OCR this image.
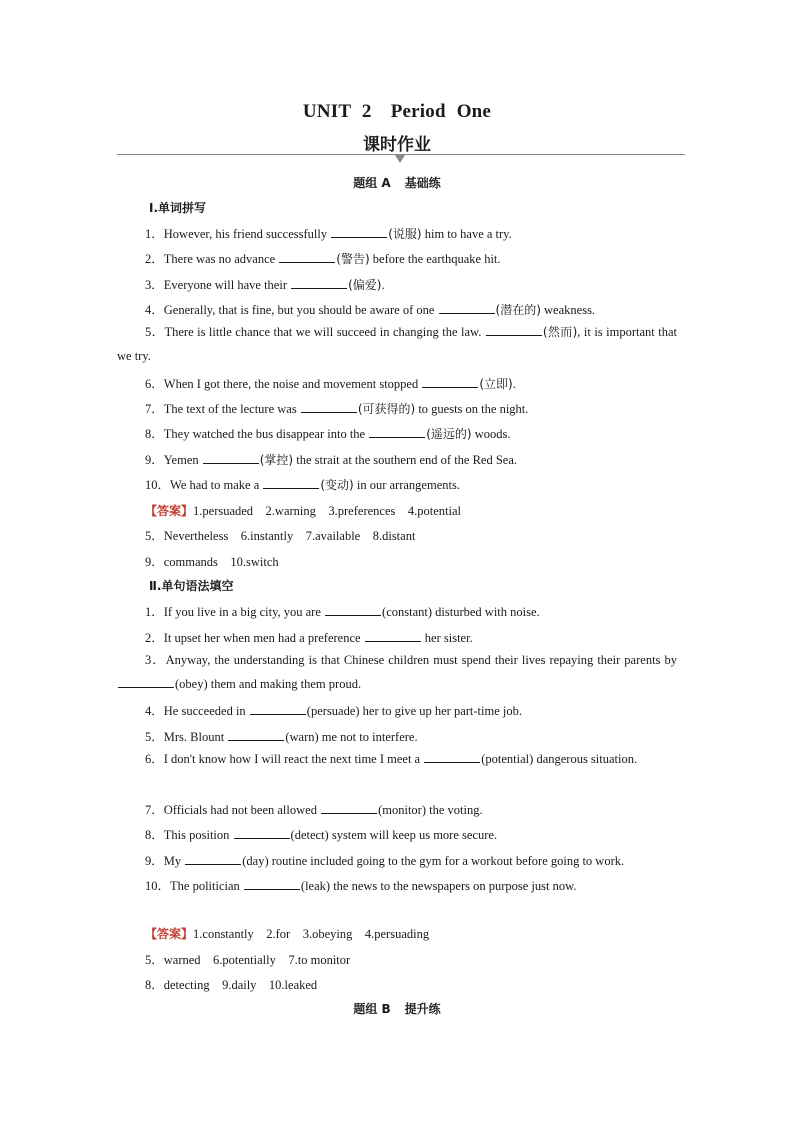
UNIT 2　Period One
课时作业
题组 A 基础练
Ⅰ.单词拼写
1．However, his friend successfully	(说服) him to have a try.
2．There was no advance	(警告) before the earthquake hit.
3．Everyone will have their	(偏爱).
4．Generally, that is fine, but you should be aware of one	(潜在的) weakness.
5．There is little chance that we will succeed in changing the law.	(然而), it is important that we try.
6．When I got there, the noise and movement stopped	(立即).
7．The text of the lecture was	(可获得的) to guests on the night.
8．They watched the bus disappear into the	(遥远的) woods.
9．Yemen	(掌控) the strait at the southern end of the Red Sea.
10．We had to make a	(变动) in our arrangements.
【答案】1.persuaded　2.warning　3.preferences　4.potential
5．Nevertheless　6.instantly　7.available　8.distant
9．commands　10.switch
Ⅱ.单句语法填空
1．If you live in a big city, you are	(constant) disturbed with noise.
2．It upset her when men had a preference	her sister.
3．Anyway, the understanding is that Chinese children must spend their lives repaying their parents by (obey) them and making them proud.
4．He succeeded in	(persuade) her to give up her part-time job.
5．Mrs. Blount	(warn) me not to interfere.
6．I don't know how I will react the next time I meet a	(potential) dangerous situation.
7．Officials had not been allowed	(monitor) the voting.
8．This position	(detect) system will keep us more secure.
9．My	(day) routine included going to the gym for a workout before going to work.
10．The politician	(leak) the news to the newspapers on purpose just now.
【答案】1.constantly　2.for　3.obeying　4.persuading
5．warned　6.potentially　7.to monitor
8．detecting　9.daily　10.leaked
题组 B 提升练
